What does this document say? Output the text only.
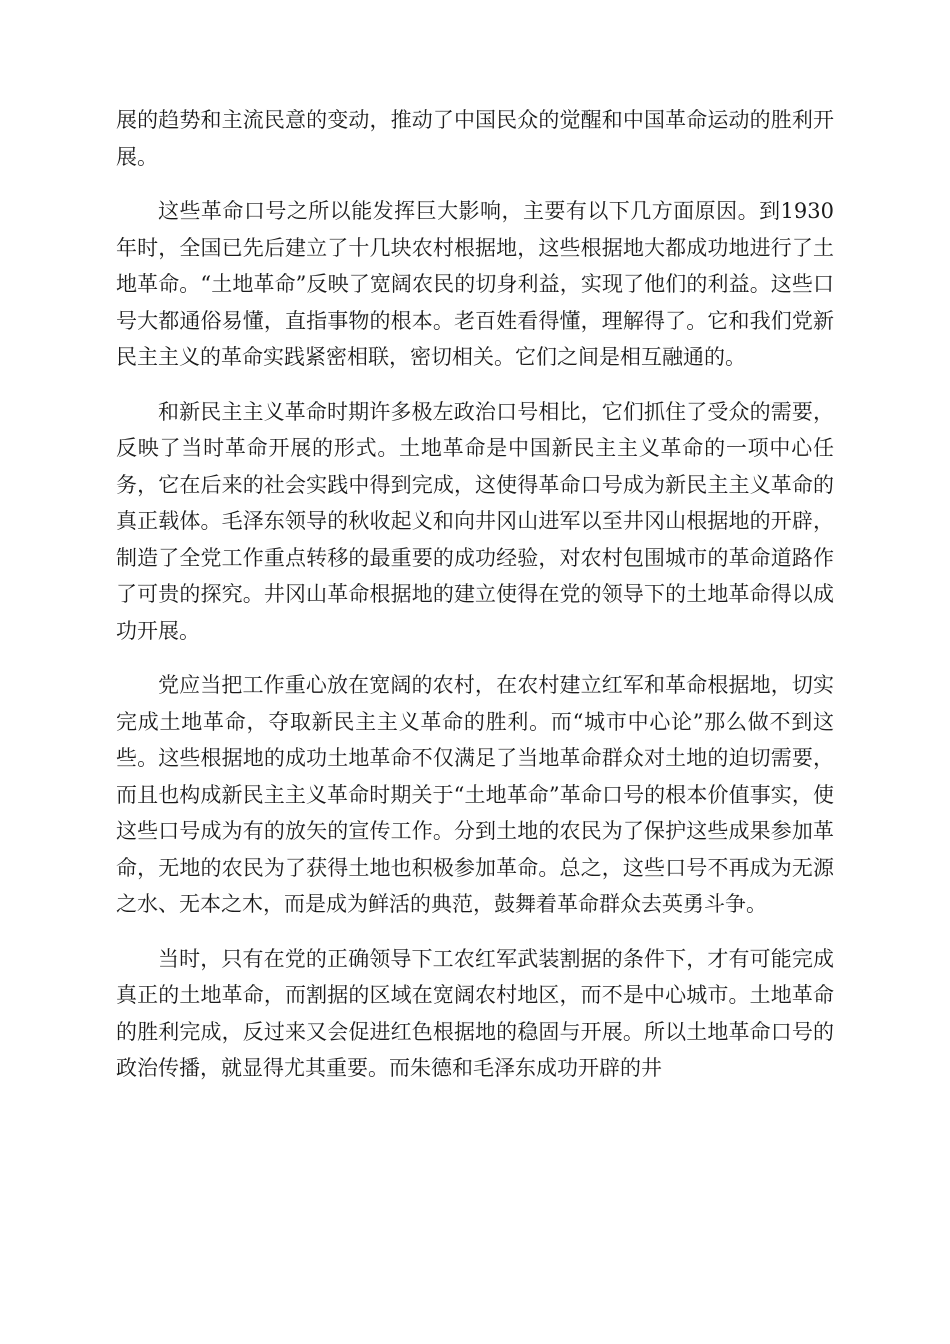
展的趋势和主流民意的变动，推动了中国民众的觉醒和中国革命运动的胜利开展。

这些革命口号之所以能发挥巨大影响，主要有以下几方面原因。到1930年时，全国已先后建立了十几块农村根据地，这些根据地大都成功地进行了土地革命。“土地革命”反映了宽阔农民的切身利益，实现了他们的利益。这些口号大都通俗易懂，直指事物的根本。老百姓看得懂，理解得了。它和我们党新民主主义的革命实践紧密相联，密切相关。它们之间是相互融通的。

和新民主主义革命时期许多极左政治口号相比，它们抓住了受众的需要，反映了当时革命开展的形式。土地革命是中国新民主主义革命的一项中心任务，它在后来的社会实践中得到完成，这使得革命口号成为新民主主义革命的真正载体。毛泽东领导的秋收起义和向井冈山进军以至井冈山根据地的开辟，制造了全党工作重点转移的最重要的成功经验，对农村包围城市的革命道路作了可贵的探究。井冈山革命根据地的建立使得在党的领导下的土地革命得以成功开展。

党应当把工作重心放在宽阔的农村，在农村建立红军和革命根据地，切实完成土地革命，夺取新民主主义革命的胜利。而“城市中心论”那么做不到这些。这些根据地的成功土地革命不仅满足了当地革命群众对土地的迫切需要，而且也构成新民主主义革命时期关于“土地革命”革命口号的根本价值事实，使这些口号成为有的放矢的宣传工作。分到土地的农民为了保护这些成果参加革命，无地的农民为了获得土地也积极参加革命。总之，这些口号不再成为无源之水、无本之木，而是成为鲜活的典范，鼓舞着革命群众去英勇斗争。

当时，只有在党的正确领导下工农红军武装割据的条件下，才有可能完成真正的土地革命，而割据的区域在宽阔农村地区，而不是中心城市。土地革命的胜利完成，反过来又会促进红色根据地的稳固与开展。所以土地革命口号的政治传播，就显得尤其重要。而朱德和毛泽东成功开辟的井
